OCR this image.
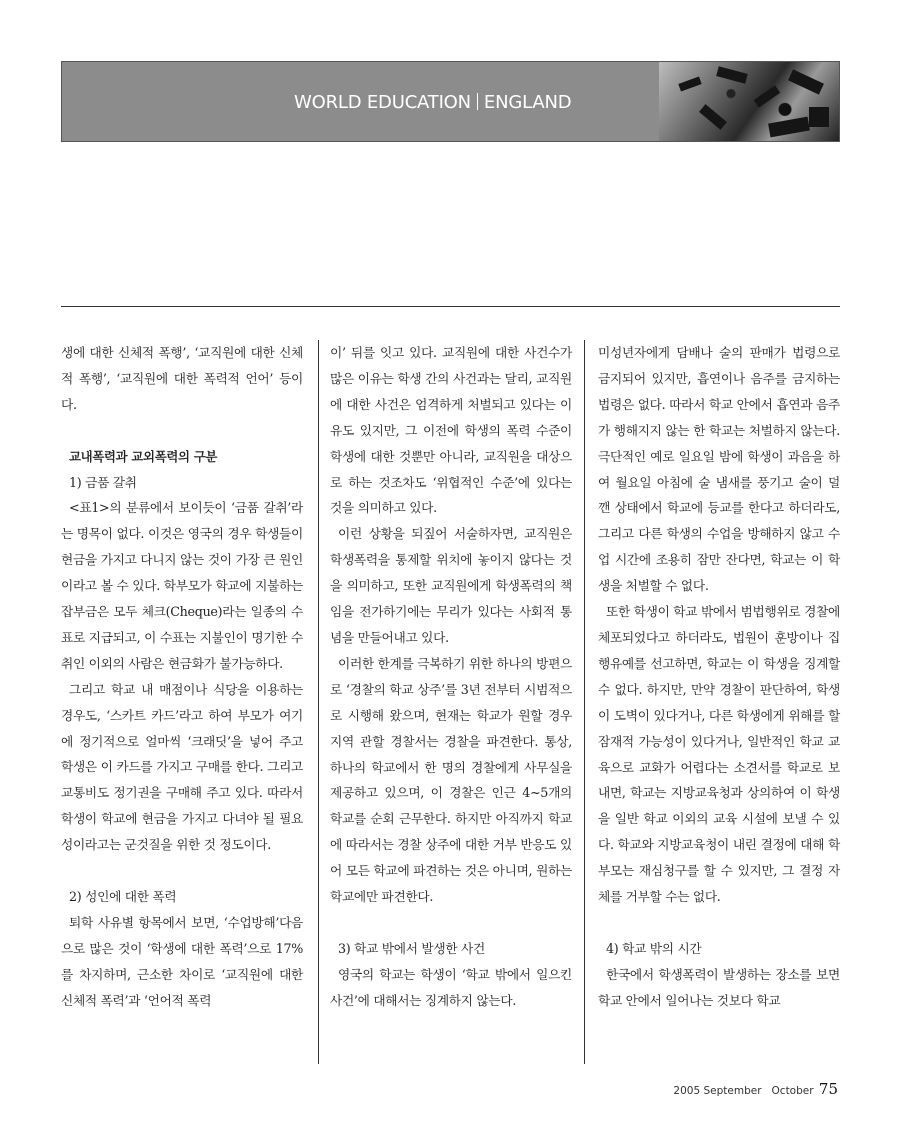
WORLD EDUCATION ENGLAND

생에 대한 신체적 폭행’, ‘교직원에 대한 신체적 폭행’, ‘교직원에 대한 폭력적 언어’ 등이다.

교내폭력과 교외폭력의 구분

1) 금품 갈취

<표1>의 분류에서 보이듯이 ‘금품 갈취’라는 명목이 없다. 이것은 영국의 경우 학생들이 현금을 가지고 다니지 않는 것이 가장 큰 원인이라고 볼 수 있다. 학부모가 학교에 지불하는 잡부금은 모두 체크(Cheque)라는 일종의 수표로 지급되고, 이 수표는 지불인이 명기한 수취인 이외의 사람은 현금화가 불가능하다.

그리고 학교 내 매점이나 식당을 이용하는 경우도, ‘스카트 카드’라고 하여 부모가 여기에 정기적으로 얼마씩 ‘크래딧’을 넣어 주고 학생은 이 카드를 가지고 구매를 한다. 그리고 교통비도 정기권을 구매해 주고 있다. 따라서 학생이 학교에 현금을 가지고 다녀야 될 필요성이라고는 군것질을 위한 것 정도이다.

2) 성인에 대한 폭력

퇴학 사유별 항목에서 보면, ‘수업방해’다음으로 많은 것이 ‘학생에 대한 폭력’으로 17%를 차지하며, 근소한 차이로 ‘교직원에 대한 신체적 폭력’과 ‘언어적 폭력

이’ 뒤를 잇고 있다. 교직원에 대한 사건수가 많은 이유는 학생 간의 사건과는 달리, 교직원에 대한 사건은 엄격하게 처벌되고 있다는 이유도 있지만, 그 이전에 학생의 폭력 수준이 학생에 대한 것뿐만 아니라, 교직원을 대상으로 하는 것조차도 ‘위협적인 수준’에 있다는 것을 의미하고 있다.

이런 상황을 되짚어 서술하자면, 교직원은 학생폭력을 통제할 위치에 놓이지 않다는 것을 의미하고, 또한 교직원에게 학생폭력의 책임을 전가하기에는 무리가 있다는 사회적 통념을 만들어내고 있다.

이러한 한계를 극복하기 위한 하나의 방편으로 ‘경찰의 학교 상주’를 3년 전부터 시범적으로 시행해 왔으며, 현재는 학교가 원할 경우 지역 관할 경찰서는 경찰을 파견한다. 통상, 하나의 학교에서 한 명의 경찰에게 사무실을 제공하고 있으며, 이 경찰은 인근 4~5개의 학교를 순회 근무한다. 하지만 아직까지 학교에 따라서는 경찰 상주에 대한 거부 반응도 있어 모든 학교에 파견하는 것은 아니며, 원하는 학교에만 파견한다.

3) 학교 밖에서 발생한 사건

영국의 학교는 학생이 ‘학교 밖에서 일으킨 사건’에 대해서는 징계하지 않는다.

미성년자에게 담배나 술의 판매가 법령으로 금지되어 있지만, 흡연이나 음주를 금지하는 법령은 없다. 따라서 학교 안에서 흡연과 음주가 행해지지 않는 한 학교는 처벌하지 않는다. 극단적인 예로 일요일 밤에 학생이 과음을 하여 월요일 아침에 술 냄새를 풍기고 술이 덜 깬 상태에서 학교에 등교를 한다고 하더라도, 그리고 다른 학생의 수업을 방해하지 않고 수업 시간에 조용히 잠만 잔다면, 학교는 이 학생을 처벌할 수 없다.

또한 학생이 학교 밖에서 범법행위로 경찰에 체포되었다고 하더라도, 법원이 훈방이나 집행유예를 선고하면, 학교는 이 학생을 징계할 수 없다. 하지만, 만약 경찰이 판단하여, 학생이 도벽이 있다거나, 다른 학생에게 위해를 할 잠재적 가능성이 있다거나, 일반적인 학교 교육으로 교화가 어렵다는 소견서를 학교로 보내면, 학교는 지방교육청과 상의하여 이 학생을 일반 학교 이외의 교육 시설에 보낼 수 있다. 학교와 지방교육청이 내린 결정에 대해 학부모는 재심청구를 할 수 있지만, 그 결정 자체를 거부할 수는 없다.

4) 학교 밖의 시간

한국에서 학생폭력이 발생하는 장소를 보면 학교 안에서 일어나는 것보다 학교

2005 September   October 75
